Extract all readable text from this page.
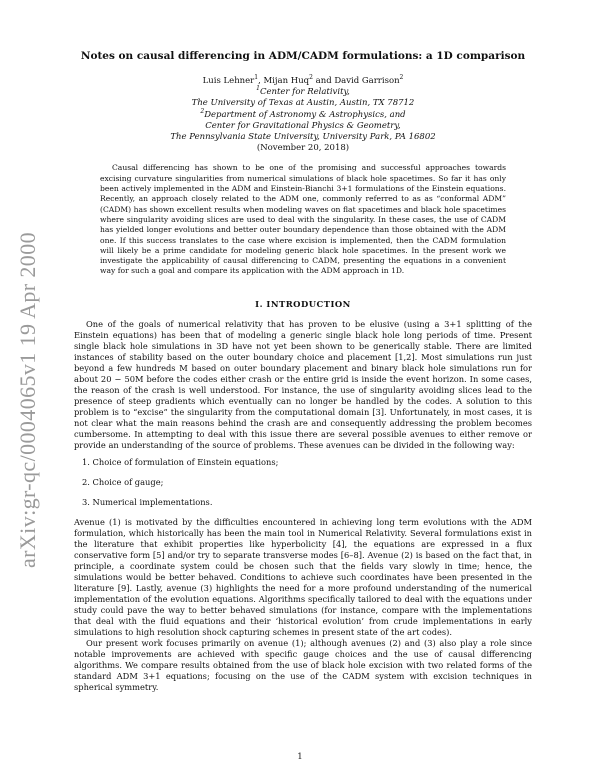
arXiv:gr-qc/0004065v1 19 Apr 2000
Notes on causal differencing in ADM/CADM formulations: a 1D comparison
Luis Lehner$^1$, Mijan Huq$^2$ and David Garrison$^2$
$^1$Center for Relativity,
The University of Texas at Austin, Austin, TX 78712
$^2$Department of Astronomy & Astrophysics, and
Center for Gravitational Physics & Geometry,
The Pennsylvania State University, University Park, PA 16802
(November 20, 2018)

Causal differencing has shown to be one of the promising and successful approaches towards excising curvature singularities from numerical simulations of black hole spacetimes. So far it has only been actively implemented in the ADM and Einstein-Bianchi 3+1 formulations of the Einstein equations. Recently, an approach closely related to the ADM one, commonly referred to as as “conformal ADM” (CADM) has shown excellent results when modeling waves on flat spacetimes and black hole spacetimes where singularity avoiding slices are used to deal with the singularity. In these cases, the use of CADM has yielded longer evolutions and better outer boundary dependence than those obtained with the ADM one. If this success translates to the case where excision is implemented, then the CADM formulation will likely be a prime candidate for modeling generic black hole spacetimes. In the present work we investigate the applicability of causal differencing to CADM, presenting the equations in a convenient way for such a goal and compare its application with the ADM approach in 1D.

I. INTRODUCTION

One of the goals of numerical relativity that has proven to be elusive (using a 3+1 splitting of the Einstein equations) has been that of modeling a generic single black hole long periods of time. Present single black hole simulations in 3D have not yet been shown to be generically stable. There are limited instances of stability based on the outer boundary choice and placement [1,2]. Most simulations run just beyond a few hundreds M based on outer boundary placement and binary black hole simulations run for about 20 − 50M before the codes either crash or the entire grid is inside the event horizon. In some cases, the reason of the crash is well understood. For instance, the use of singularity avoiding slices lead to the presence of steep gradients which eventually can no longer be handled by the codes. A solution to this problem is to “excise” the singularity from the computational domain [3]. Unfortunately, in most cases, it is not clear what the main reasons behind the crash are and consequently addressing the problem becomes cumbersome. In attempting to deal with this issue there are several possible avenues to either remove or provide an understanding of the source of problems. These avenues can be divided in the following way:

1. Choice of formulation of Einstein equations;
2. Choice of gauge;
3. Numerical implementations.

Avenue (1) is motivated by the difficulties encountered in achieving long term evolutions with the ADM formulation, which historically has been the main tool in Numerical Relativity. Several formulations exist in the literature that exhibit properties like hyperbolicity [4], the equations are expressed in a flux conservative form [5] and/or try to separate transverse modes [6–8]. Avenue (2) is based on the fact that, in principle, a coordinate system could be chosen such that the fields vary slowly in time; hence, the simulations would be better behaved. Conditions to achieve such coordinates have been presented in the literature [9]. Lastly, avenue (3) highlights the need for a more profound understanding of the numerical implementation of the evolution equations. Algorithms specifically tailored to deal with the equations under study could pave the way to better behaved simulations (for instance, compare with the implementations that deal with the fluid equations and their ‘historical evolution’ from crude implementations in early simulations to high resolution shock capturing schemes in present state of the art codes).

Our present work focuses primarily on avenue (1); although avenues (2) and (3) also play a role since notable improvements are achieved with specific gauge choices and the use of causal differencing algorithms. We compare results obtained from the use of black hole excision with two related forms of the standard ADM 3+1 equations; focusing on the use of the CADM system with excision techniques in spherical symmetry.

1
